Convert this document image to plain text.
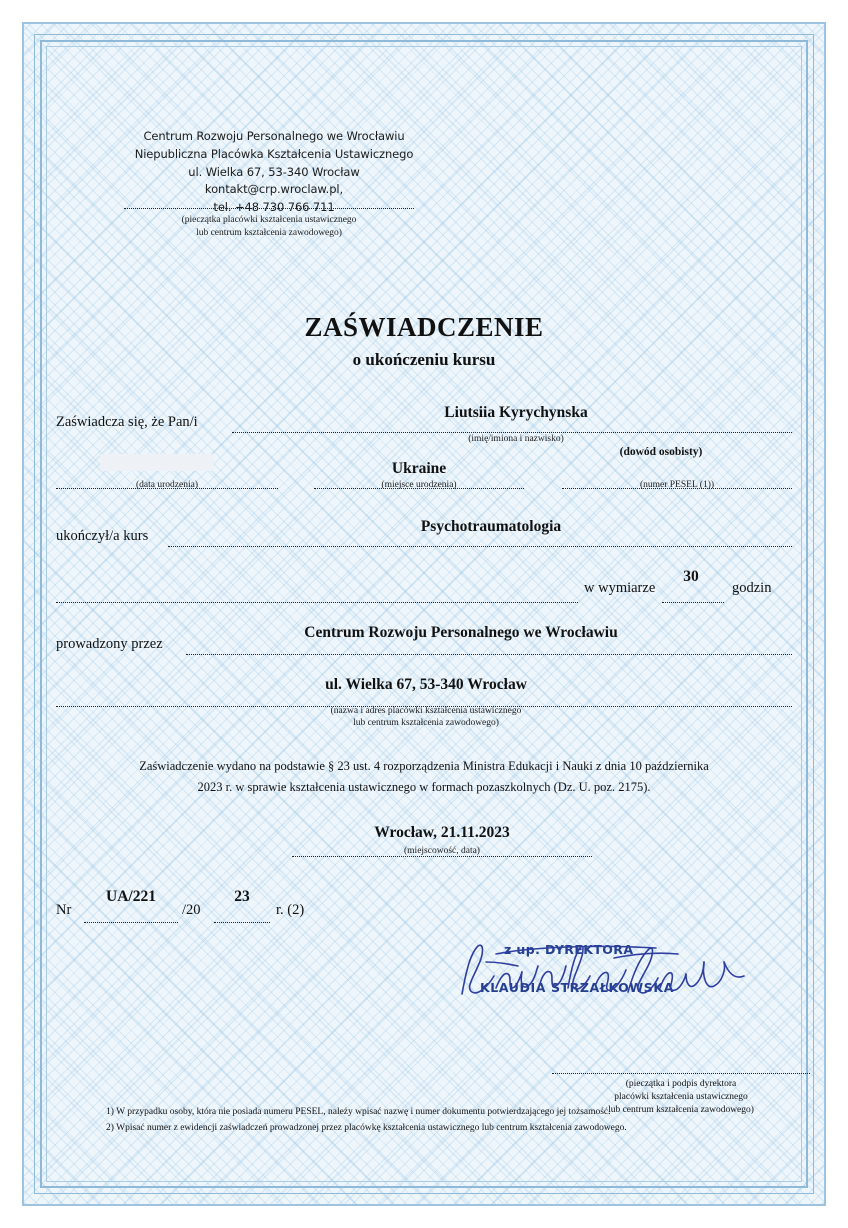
Centrum Rozwoju Personalnego we Wrocławiu
Niepubliczna Placówka Kształcenia Ustawicznego
ul. Wielka 67, 53-340 Wrocław
kontakt@crp.wroclaw.pl,
tel. +48 730 766 711
(pieczątka placówki kształcenia ustawicznego
lub centrum kształcenia zawodowego)
ZAŚWIADCZENIE
o ukończeniu kursu
Zaświadcza się, że Pan/i
Liutsiia Kyrychynska
(imię/imiona i nazwisko)
(dowód osobisty)
(data urodzenia)
Ukraine
(miejsce urodzenia)	(numer PESEL (1))
ukończył/a kurs
Psychotraumatologia
w wymiarze
30
godzin
prowadzony przez
Centrum Rozwoju Personalnego we Wrocławiu
ul. Wielka 67, 53-340 Wrocław
(nazwa i adres placówki kształcenia ustawicznego
lub centrum kształcenia zawodowego)
Zaświadczenie wydano na podstawie § 23 ust. 4 rozporządzenia Ministra Edukacji i Nauki z dnia 10 października
2023 r. w sprawie kształcenia ustawicznego w formach pozaszkolnych (Dz. U. poz. 2175).
Wrocław, 21.11.2023
(miejscowość, data)
Nr
UA/221
/20
23
r. (2)
z up. DYREKTORA
KLAUDIA STRZAŁKOWSKA
(pieczątka i podpis dyrektora
placówki kształcenia ustawicznego
lub centrum kształcenia zawodowego)
1) W przypadku osoby, która nie posiada numeru PESEL, należy wpisać nazwę i numer dokumentu potwierdzającego jej tożsamość.
2) Wpisać numer z ewidencji zaświadczeń prowadzonej przez placówkę kształcenia ustawicznego lub centrum kształcenia zawodowego.
